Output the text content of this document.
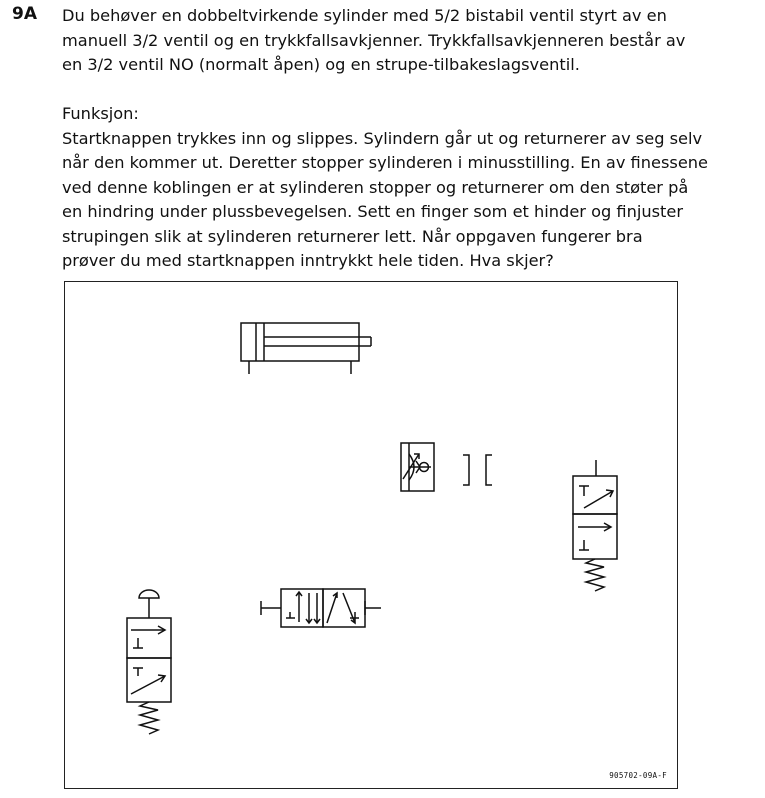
9A Du behøver en dobbeltvirkende sylinder med 5/2 bistabil ventil styrt av en
manuell 3/2 ventil og en trykkfallsavkjenner. Trykkfallsavkjenneren består av
en 3/2 ventil NO (normalt åpen) og en strupe-tilbakeslagsventil.

Funksjon:
Startknappen trykkes inn og slippes. Sylindern går ut og returnerer av seg selv
når den kommer ut. Deretter stopper sylinderen i minusstilling. En av finessene
ved denne koblingen er at sylinderen stopper og returnerer om den støter på
en hindring under plussbevegelsen. Sett en finger som et hinder og finjuster
strupingen slik at sylinderen returnerer lett. Når oppgaven fungerer bra
prøver du med startknappen inntrykkt hele tiden. Hva skjer?
905702-09A-F
